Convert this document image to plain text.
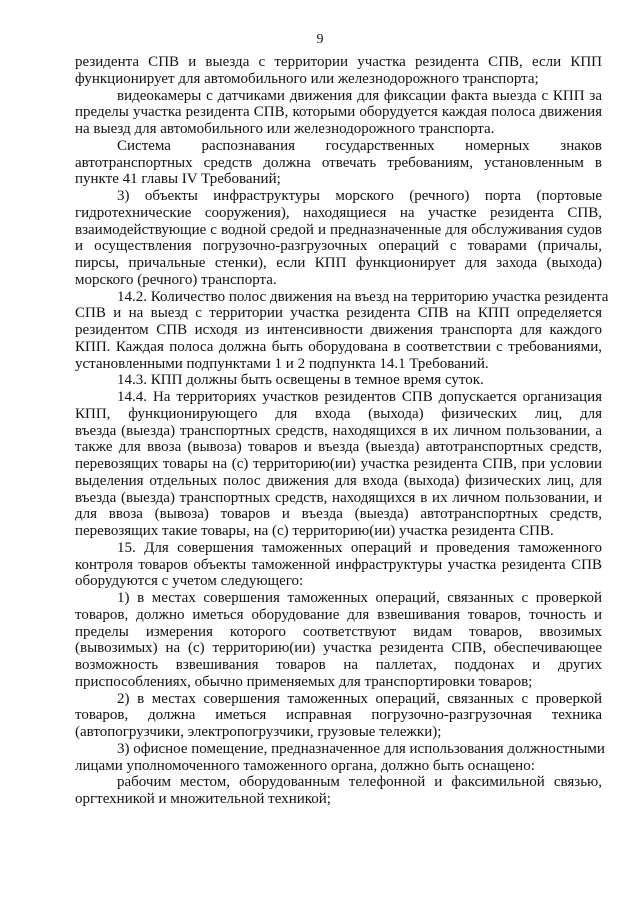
9
резидента СПВ и выезда с территории участка резидента СПВ, если КПП
функционирует для автомобильного или железнодорожного транспорта;
видеокамеры с датчиками движения для фиксации факта выезда с КПП за
пределы участка резидента СПВ, которыми оборудуется каждая полоса движения
на выезд для автомобильного или железнодорожного транспорта.
Система распознавания государственных номерных знаков
автотранспортных средств должна отвечать требованиям, установленным в
пункте 41 главы IV Требований;
3) объекты инфраструктуры морского (речного) порта (портовые
гидротехнические сооружения), находящиеся на участке резидента СПВ,
взаимодействующие с водной средой и предназначенные для обслуживания судов
и осуществления погрузочно-разгрузочных операций с товарами (причалы,
пирсы, причальные стенки), если КПП функционирует для захода (выхода)
морского (речного) транспорта.
14.2. Количество полос движения на въезд на территорию участка резидента
СПВ и на выезд с территории участка резидента СПВ на КПП определяется
резидентом СПВ исходя из интенсивности движения транспорта для каждого
КПП. Каждая полоса должна быть оборудована в соответствии с требованиями,
установленными подпунктами 1 и 2 подпункта 14.1 Требований.
14.3. КПП должны быть освещены в темное время суток.
14.4. На территориях участков резидентов СПВ допускается организация
КПП, функционирующего для входа (выхода) физических лиц, для
въезда (выезда) транспортных средств, находящихся в их личном пользовании, а
также для ввоза (вывоза) товаров и въезда (выезда) автотранспортных средств,
перевозящих товары на (с) территорию(ии) участка резидента СПВ, при условии
выделения отдельных полос движения для входа (выхода) физических лиц, для
въезда (выезда) транспортных средств, находящихся в их личном пользовании, и
для ввоза (вывоза) товаров и въезда (выезда) автотранспортных средств,
перевозящих такие товары, на (с) территорию(ии) участка резидента СПВ.
15. Для совершения таможенных операций и проведения таможенного
контроля товаров объекты таможенной инфраструктуры участка резидента СПВ
оборудуются с учетом следующего:
1) в местах совершения таможенных операций, связанных с проверкой
товаров, должно иметься оборудование для взвешивания товаров, точность и
пределы измерения которого соответствуют видам товаров, ввозимых
(вывозимых) на (с) территорию(ии) участка резидента СПВ, обеспечивающее
возможность взвешивания товаров на паллетах, поддонах и других
приспособлениях, обычно применяемых для транспортировки товаров;
2) в местах совершения таможенных операций, связанных с проверкой
товаров, должна иметься исправная погрузочно-разгрузочная техника
(автопогрузчики, электропогрузчики, грузовые тележки);
3) офисное помещение, предназначенное для использования должностными
лицами уполномоченного таможенного органа, должно быть оснащено:
рабочим местом, оборудованным телефонной и факсимильной связью,
оргтехникой и множительной техникой;
